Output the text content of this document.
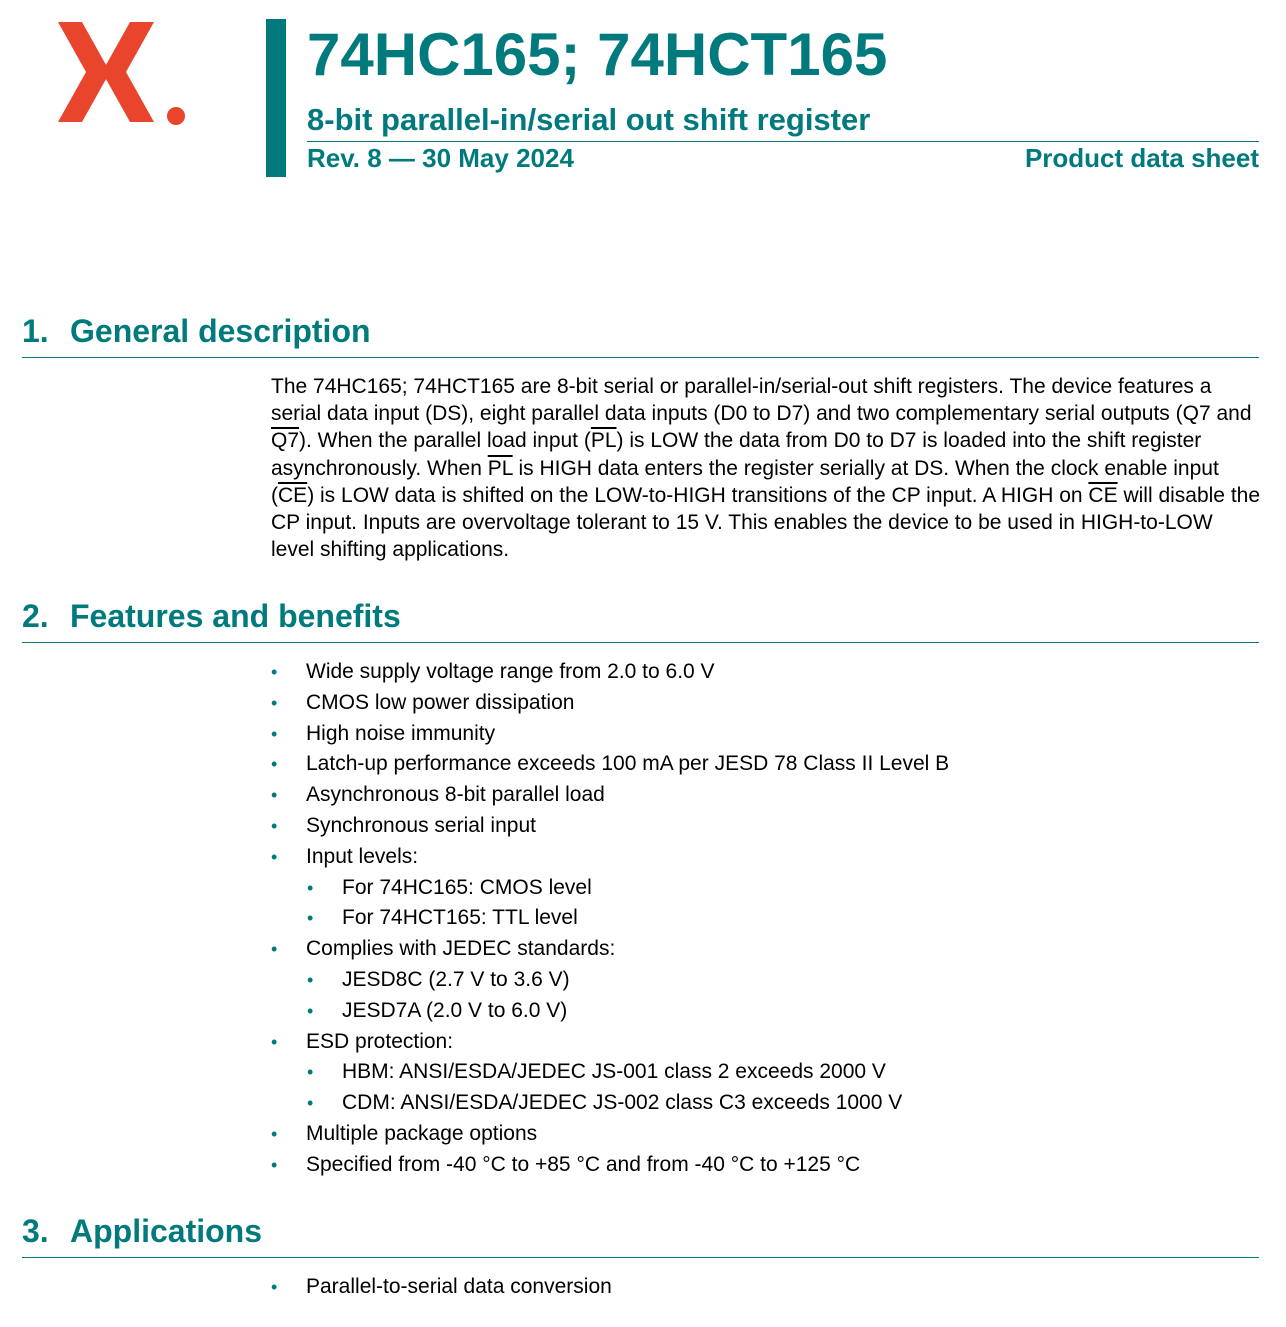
74HC165; 74HCT165
8-bit parallel-in/serial out shift register
Rev. 8 — 30 May 2024	Product data sheet
1. General description

The 74HC165; 74HCT165 are 8-bit serial or parallel-in/serial-out shift registers. The device features a serial data input (DS), eight parallel data inputs (D0 to D7) and two complementary serial outputs (Q7 and Q7). When the parallel load input $(\overline{PL})$ is LOW the data from D0 to D7 is loaded into the shift register asynchronously. When $\overline{PL}$ is HIGH data enters the register serially at DS. When the clock enable input $(\overline{CE})$ is LOW data is shifted on the LOW-to-HIGH transitions of the CP input. A HIGH on $\overline{CE}$ will disable the CP input. Inputs are overvoltage tolerant to 15 V. This enables the device to be used in HIGH-to-LOW level shifting applications.

2. Features and benefits
• Wide supply voltage range from 2.0 to 6.0 V
• CMOS low power dissipation
• High noise immunity
• Latch-up performance exceeds 100 mA per JESD 78 Class II Level B
• Asynchronous 8-bit parallel load
• Synchronous serial input
• Input levels:
• For 74HC165: CMOS level
• For 74HCT165: TTL level
• Complies with JEDEC standards:
• JESD8C (2.7 V to 3.6 V)
• JESD7A (2.0 V to 6.0 V)
• ESD protection:
• HBM: ANSI/ESDA/JEDEC JS-001 class 2 exceeds 2000 V
• CDM: ANSI/ESDA/JEDEC JS-002 class C3 exceeds 1000 V
• Multiple package options
• Specified from -40 °C to +85 °C and from -40 °C to +125 °C
3. Applications
• Parallel-to-serial data conversion
